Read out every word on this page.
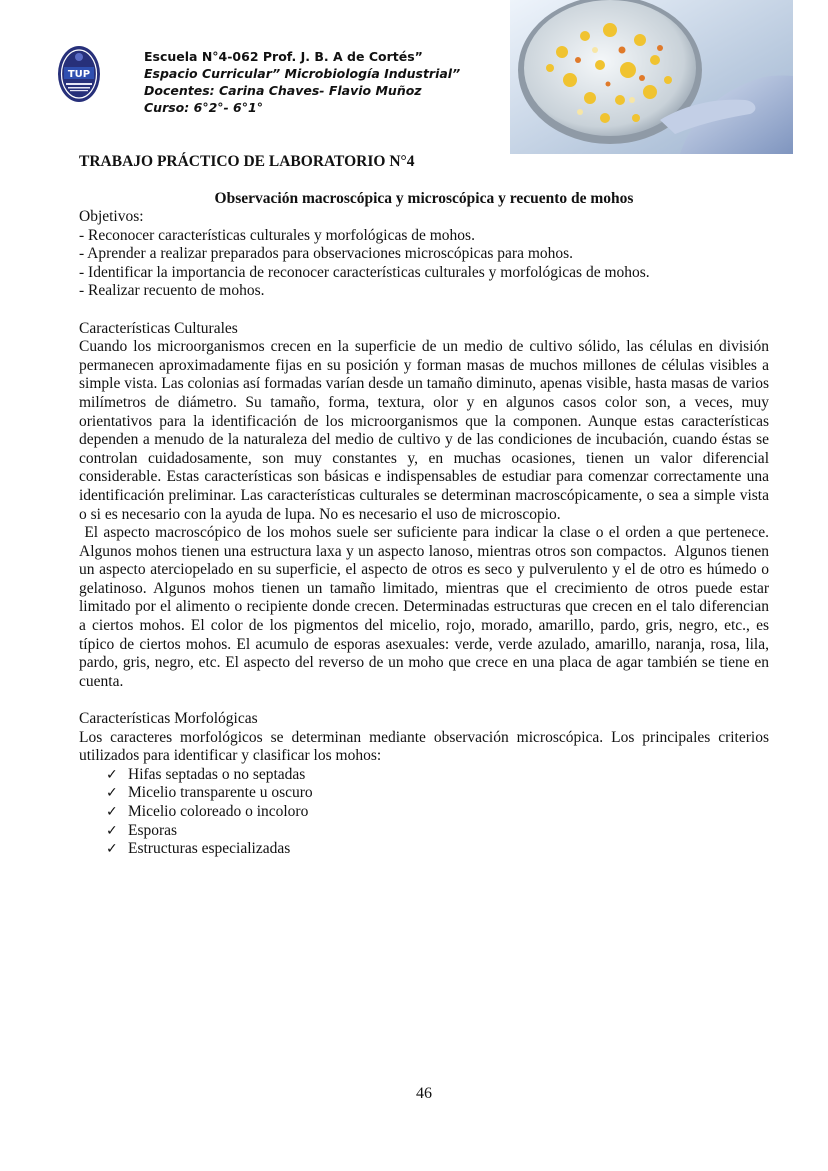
TUP
Escuela N°4-062 Prof. J. B. A de Cortés”
Espacio Curricular” Microbiología Industrial”
Docentes: Carina Chaves- Flavio Muñoz
Curso: 6°2°- 6°1°
TRABAJO PRÁCTICO DE LABORATORIO N°4
Observación macroscópica y microscópica y recuento de mohos

Objetivos:

- Reconocer características culturales y morfológicas de mohos.

- Aprender a realizar preparados para observaciones microscópicas para mohos.

- Identificar la importancia de reconocer características culturales y morfológicas de mohos.

- Realizar recuento de mohos.

Características Culturales

Cuando los microorganismos crecen en la superficie de un medio de cultivo sólido, las células en división permanecen aproximadamente fijas en su posición y forman masas de muchos millones de células visibles a simple vista. Las colonias así formadas varían desde un tamaño diminuto, apenas visible, hasta masas de varios milímetros de diámetro. Su tamaño, forma, textura, olor y en algunos casos color son, a veces, muy orientativos para la identificación de los microorganismos que la componen. Aunque estas características dependen a menudo de la naturaleza del medio de cultivo y de las condiciones de incubación, cuando éstas se controlan cuidadosamente, son muy constantes y, en muchas ocasiones, tienen un valor diferencial considerable. Estas características son básicas e indispensables de estudiar para comenzar correctamente una identificación preliminar. Las características culturales se determinan macroscópicamente, o sea a simple vista o si es necesario con la ayuda de lupa. No es necesario el uso de microscopio.

El aspecto macroscópico de los mohos suele ser suficiente para indicar la clase o el orden a que pertenece. Algunos mohos tienen una estructura laxa y un aspecto lanoso, mientras otros son compactos.  Algunos tienen un aspecto aterciopelado en su superficie, el aspecto de otros es seco y pulverulento y el de otro es húmedo o gelatinoso. Algunos mohos tienen un tamaño limitado, mientras que el crecimiento de otros puede estar limitado por el alimento o recipiente donde crecen. Determinadas estructuras que crecen en el talo diferencian a ciertos mohos. El color de los pigmentos del micelio, rojo, morado, amarillo, pardo, gris, negro, etc., es típico de ciertos mohos. El acumulo de esporas asexuales: verde, verde azulado, amarillo, naranja, rosa, lila, pardo, gris, negro, etc. El aspecto del reverso de un moho que crece en una placa de agar también se tiene en cuenta.

Características Morfológicas

Los caracteres morfológicos se determinan mediante observación microscópica. Los principales criterios utilizados para identificar y clasificar los mohos:

✓ Hifas septadas o no septadas
✓ Micelio transparente u oscuro
✓ Micelio coloreado o incoloro
✓ Esporas
✓ Estructuras especializadas
46
